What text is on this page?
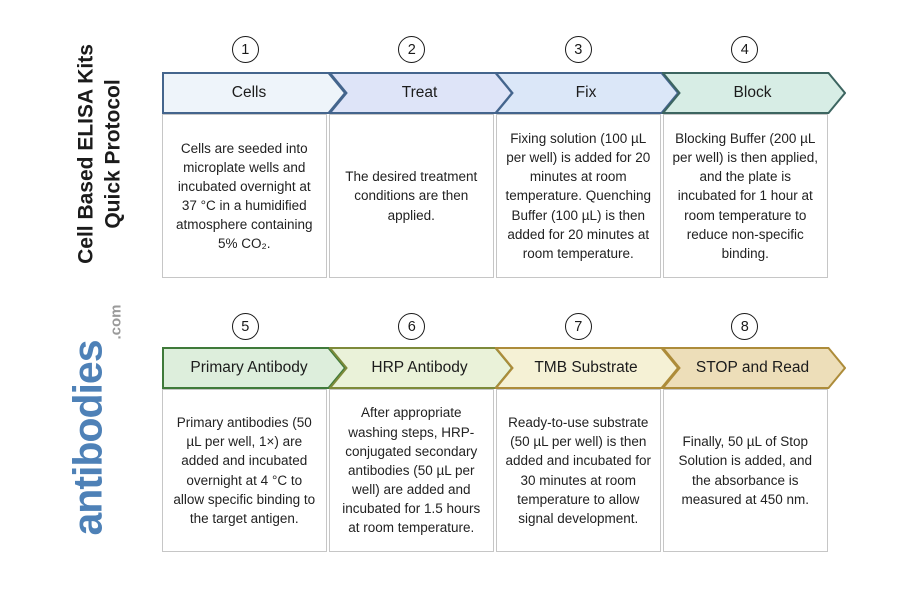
Cell Based ELISA Kits Quick Protocol
antibodies
.com
1	2	3	4
Cells	Treat	Fix	Block

Cells are seeded into microplate wells and incubated overnight at 37 °C in a humidified atmosphere containing 5% CO₂.

The desired treatment conditions are then applied.

Fixing solution (100 µL per well) is added for 20 minutes at room temperature. Quenching Buffer (100 µL) is then added for 20 minutes at room temperature.

Blocking Buffer (200 µL per well) is then applied, and the plate is incubated for 1 hour at room temperature to reduce non-specific binding.

5	6	7	8
Primary Antibody	HRP Antibody	TMB Substrate	STOP and Read

Primary antibodies (50 µL per well, 1×) are added and incubated overnight at 4 °C to allow specific binding to the target antigen.

After appropriate washing steps, HRP-conjugated secondary antibodies (50 µL per well) are added and incubated for 1.5 hours at room temperature.

Ready-to-use substrate (50 µL per well) is then added and incubated for 30 minutes at room temperature to allow signal development.

Finally, 50 µL of Stop Solution is added, and the absorbance is measured at 450 nm.
